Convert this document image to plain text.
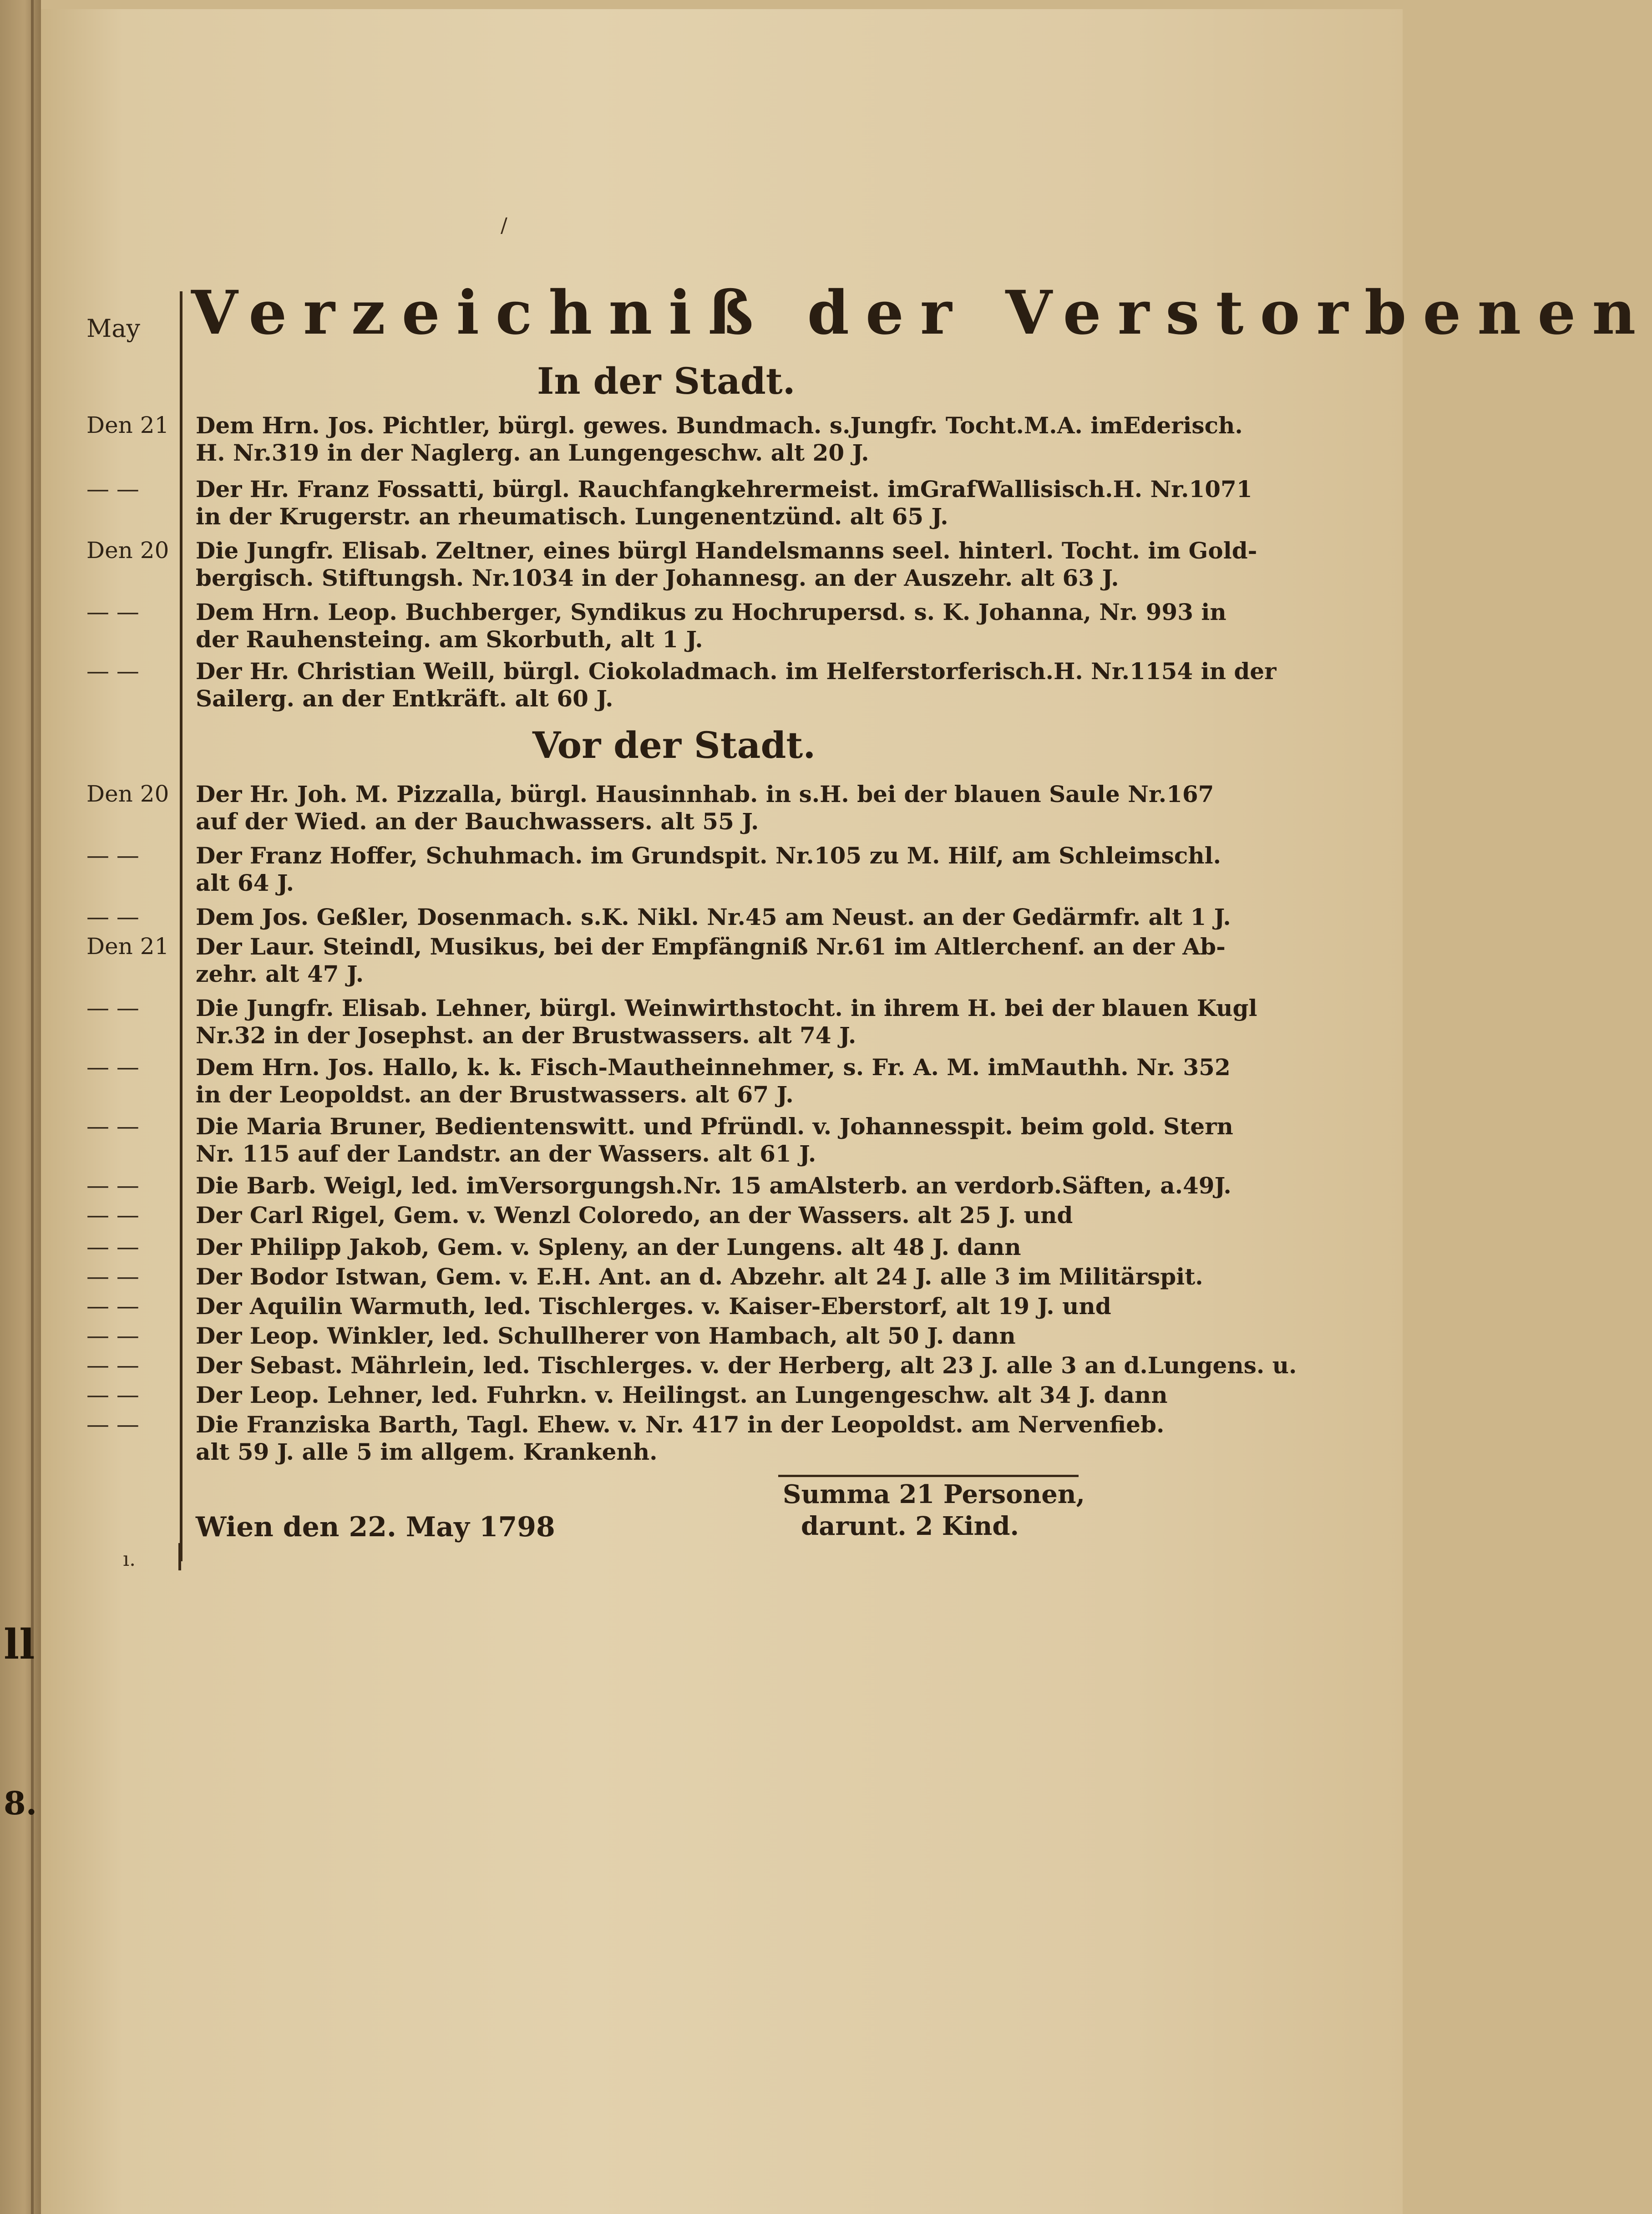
ll
8.
/
May Verzeichniß der Verstorbenen
In der Stadt.
Den 21 Dem Hrn. Jos. Pichtler, bürgl. gewes. Bundmach. s.Jungfr. Tocht.M.A. imEderisch.
H. Nr.319 in der Naglerg. an Lungengeschw. alt 20 J.
— — Der Hr. Franz Fossatti, bürgl. Rauchfangkehrermeist. imGrafWallisisch.H. Nr.1071
in der Krugerstr. an rheumatisch. Lungenentzünd. alt 65 J.
Den 20 Die Jungfr. Elisab. Zeltner, eines bürgl Handelsmanns seel. hinterl. Tocht. im Gold-
bergisch. Stiftungsh. Nr.1034 in der Johannesg. an der Auszehr. alt 63 J.
— — Dem Hrn. Leop. Buchberger, Syndikus zu Hochrupersd. s. K. Johanna, Nr. 993 in
der Rauhensteing. am Skorbuth, alt 1 J.
— — Der Hr. Christian Weill, bürgl. Ciokoladmach. im Helferstorferisch.H. Nr.1154 in der
Sailerg. an der Entkräft. alt 60 J.
Vor der Stadt.
Den 20 Der Hr. Joh. M. Pizzalla, bürgl. Hausinnhab. in s.H. bei der blauen Saule Nr.167
auf der Wied. an der Bauchwassers. alt 55 J.
— — Der Franz Hoffer, Schuhmach. im Grundspit. Nr.105 zu M. Hilf, am Schleimschl.
alt 64 J.
— — Dem Jos. Geßler, Dosenmach. s.K. Nikl. Nr.45 am Neust. an der Gedärmfr. alt 1 J.
Den 21 Der Laur. Steindl, Musikus, bei der Empfängniß Nr.61 im Altlerchenf. an der Ab-
zehr. alt 47 J.
— — Die Jungfr. Elisab. Lehner, bürgl. Weinwirthstocht. in ihrem H. bei der blauen Kugl
Nr.32 in der Josephst. an der Brustwassers. alt 74 J.
— — Dem Hrn. Jos. Hallo, k. k. Fisch-Mautheinnehmer, s. Fr. A. M. imMauthh. Nr. 352
in der Leopoldst. an der Brustwassers. alt 67 J.
— — Die Maria Bruner, Bedientenswitt. und Pfründl. v. Johannesspit. beim gold. Stern
Nr. 115 auf der Landstr. an der Wassers. alt 61 J.
— — Die Barb. Weigl, led. imVersorgungsh.Nr. 15 amAlsterb. an verdorb.Säften, a.49J.
— — Der Carl Rigel, Gem. v. Wenzl Coloredo, an der Wassers. alt 25 J. und
— — Der Philipp Jakob, Gem. v. Spleny, an der Lungens. alt 48 J. dann
— — Der Bodor Istwan, Gem. v. E.H. Ant. an d. Abzehr. alt 24 J. alle 3 im Militärspit.
— — Der Aquilin Warmuth, led. Tischlerges. v. Kaiser-Eberstorf, alt 19 J. und
— — Der Leop. Winkler, led. Schullherer von Hambach, alt 50 J. dann
— — Der Sebast. Mährlein, led. Tischlerges. v. der Herberg, alt 23 J. alle 3 an d.Lungens. u.
— — Der Leop. Lehner, led. Fuhrkn. v. Heilingst. an Lungengeschw. alt 34 J. dann
— — Die Franziska Barth, Tagl. Ehew. v. Nr. 417 in der Leopoldst. am Nervenfieb.
alt 59 J. alle 5 im allgem. Krankenh.
Summa 21 Personen,
darunt. 2 Kind.
Wien den 22. May 1798
ı.
